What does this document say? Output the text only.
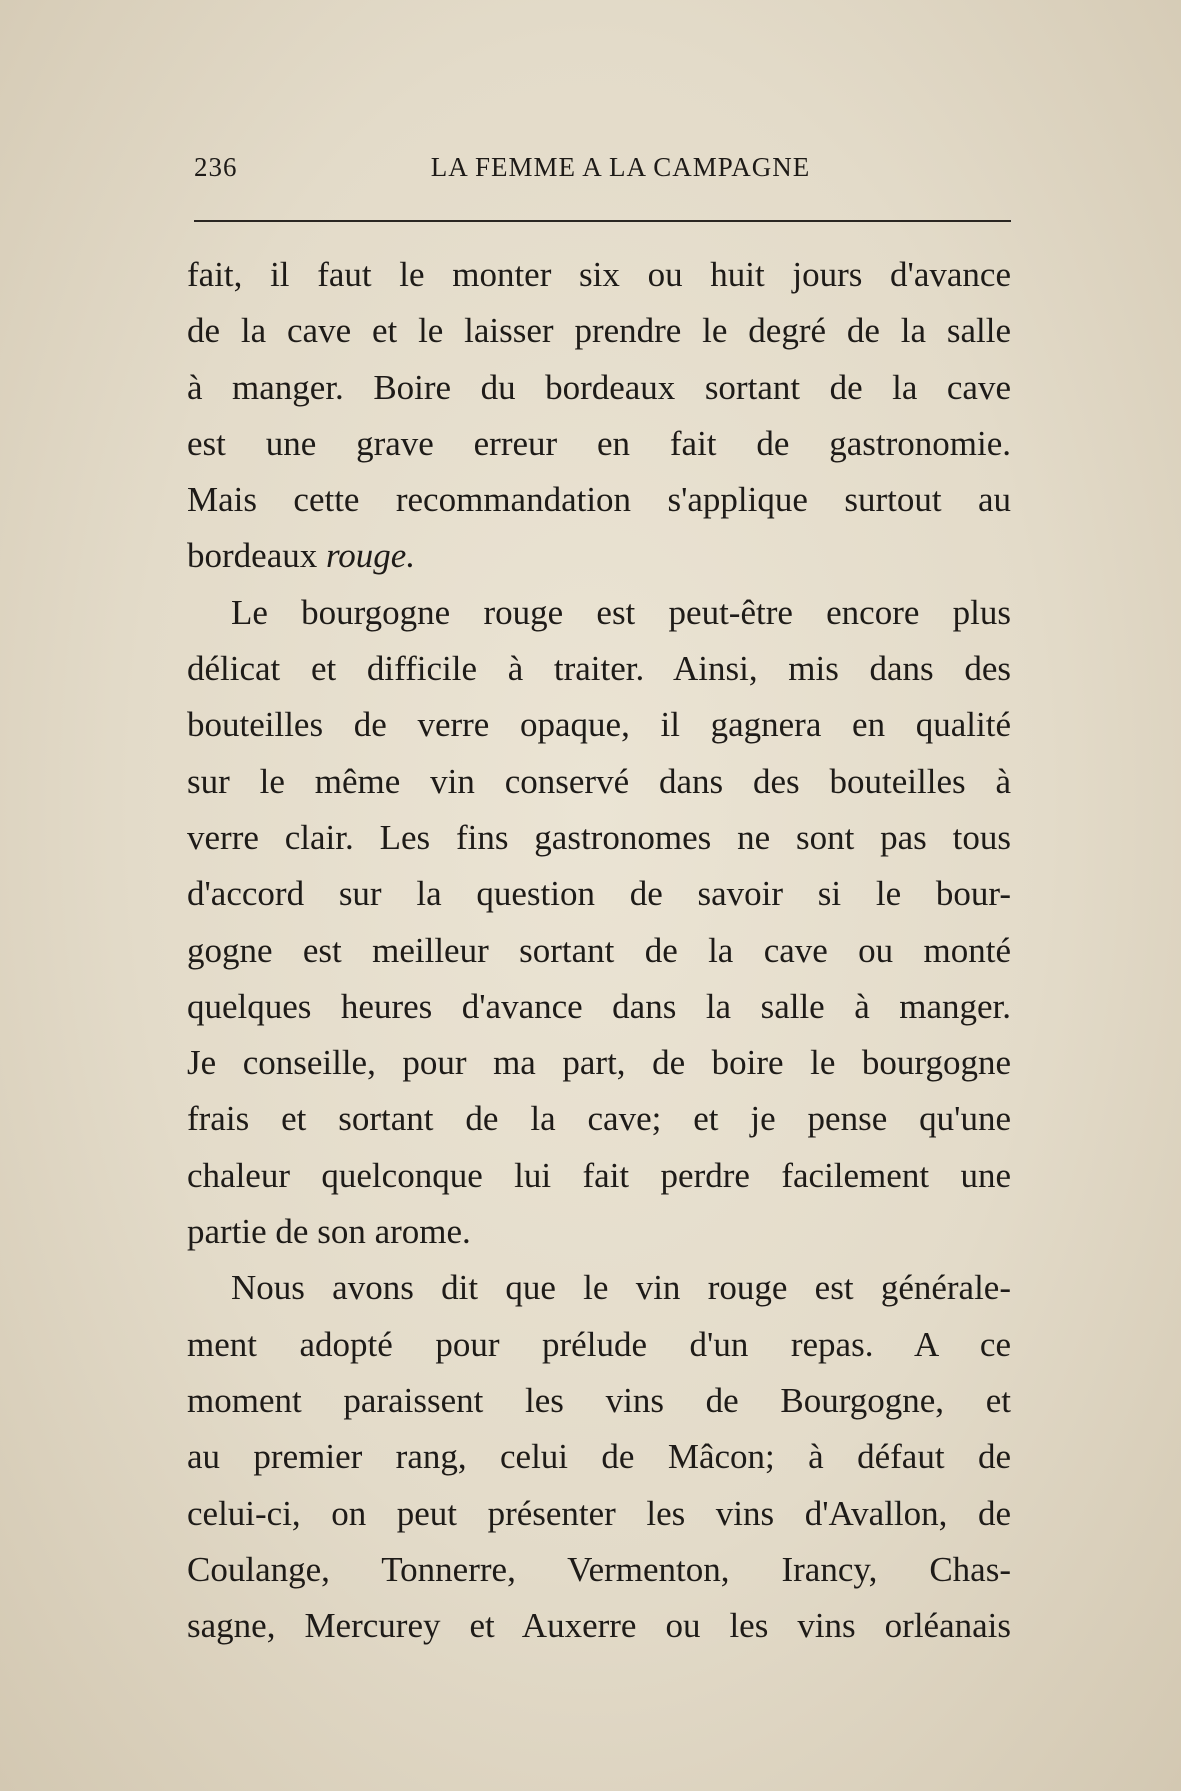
236	LA FEMME A LA CAMPAGNE
fait, il faut le monter six ou huit jours d'avance
de la cave et le laisser prendre le degré de la salle
à manger. Boire du bordeaux sortant de la cave
est une grave erreur en fait de gastronomie.
Mais cette recommandation s'applique surtout au
bordeaux rouge.
Le bourgogne rouge est peut-être encore plus
délicat et difficile à traiter. Ainsi, mis dans des
bouteilles de verre opaque, il gagnera en qualité
sur le même vin conservé dans des bouteilles à
verre clair. Les fins gastronomes ne sont pas tous
d'accord sur la question de savoir si le bour-
gogne est meilleur sortant de la cave ou monté
quelques heures d'avance dans la salle à manger.
Je conseille, pour ma part, de boire le bourgogne
frais et sortant de la cave; et je pense qu'une
chaleur quelconque lui fait perdre facilement une
partie de son arome.
Nous avons dit que le vin rouge est générale-
ment adopté pour prélude d'un repas. A ce
moment paraissent les vins de Bourgogne, et
au premier rang, celui de Mâcon; à défaut de
celui-ci, on peut présenter les vins d'Avallon, de
Coulange, Tonnerre, Vermenton, Irancy, Chas-
sagne, Mercurey et Auxerre ou les vins orléanais
